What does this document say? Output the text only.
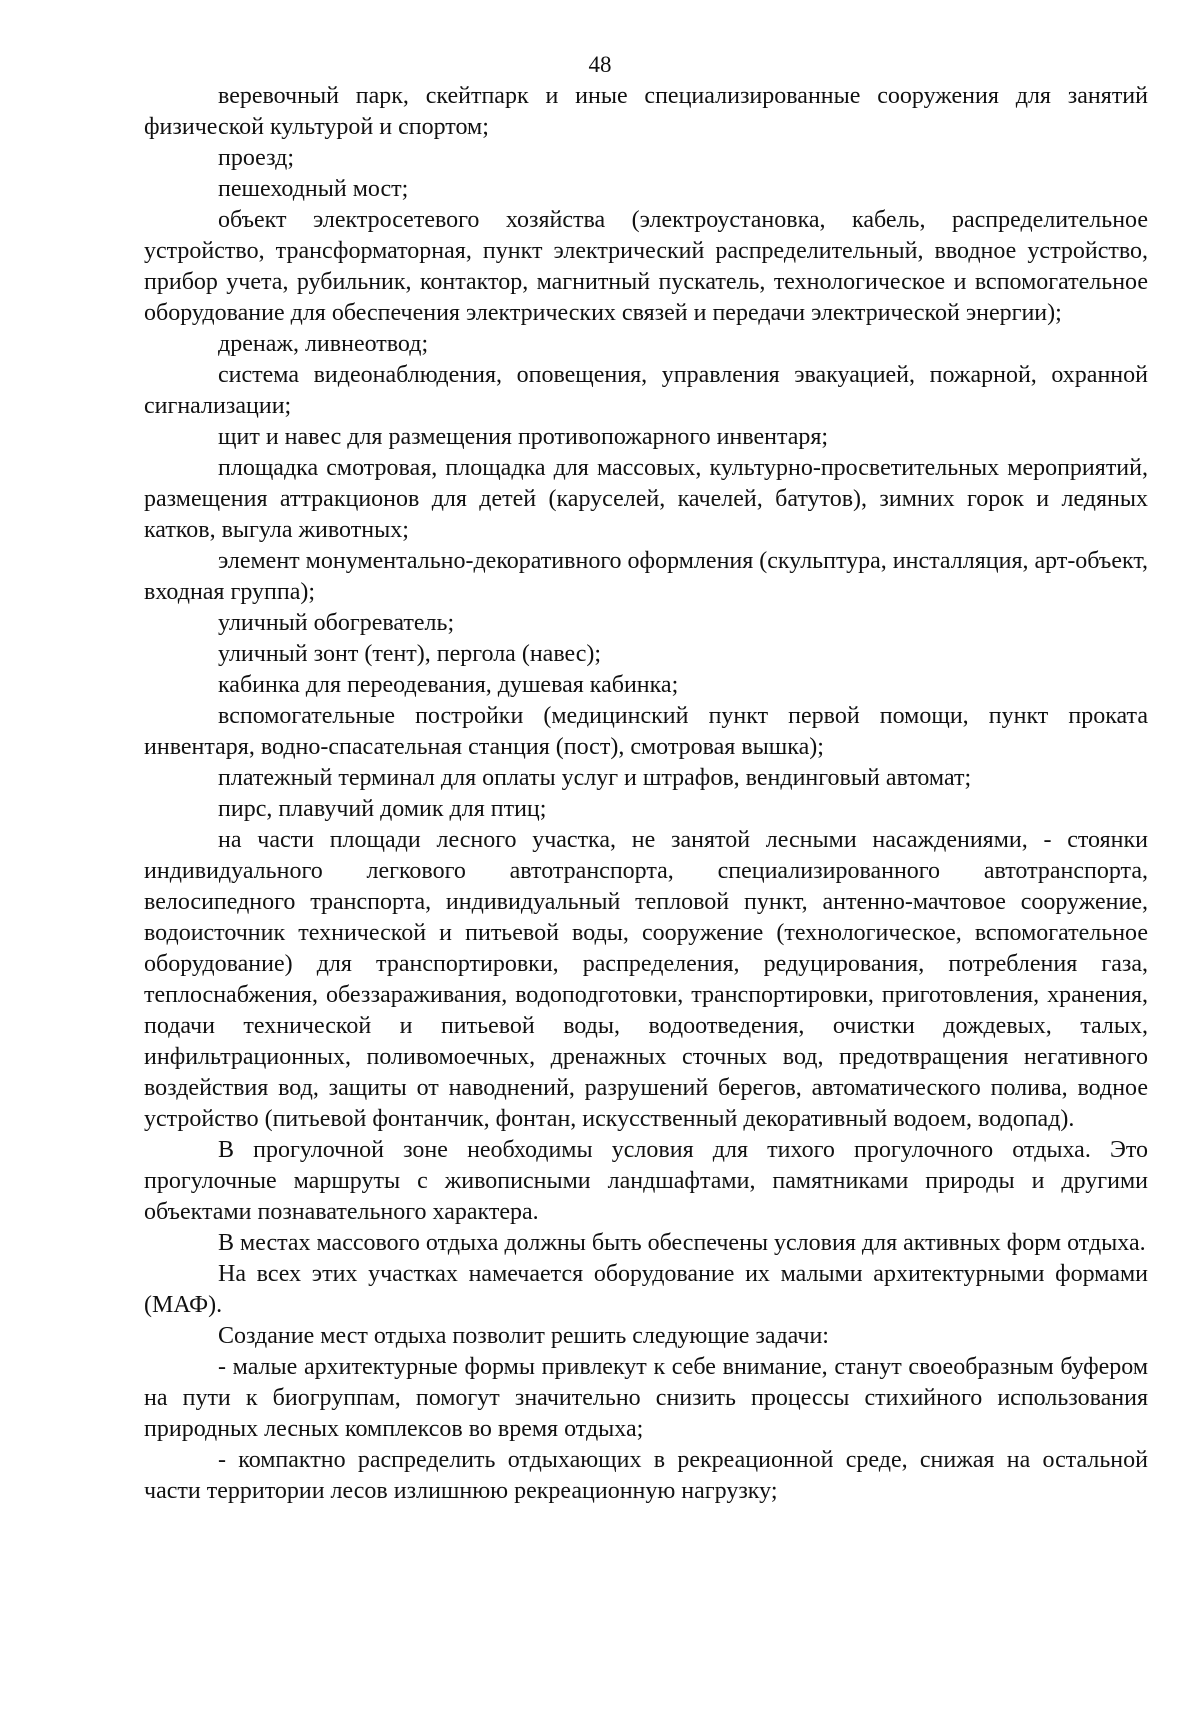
48

веревочный парк, скейтпарк и иные специализированные сооружения для занятий физической культурой и спортом;

проезд;

пешеходный мост;

объект электросетевого хозяйства (электроустановка, кабель, распределительное устройство, трансформаторная, пункт электрический распределительный, вводное устройство, прибор учета, рубильник, контактор, магнитный пускатель, технологическое и вспомогательное оборудование для обеспечения электрических связей и передачи электрической энергии);

дренаж, ливнеотвод;

система видеонаблюдения, оповещения, управления эвакуацией, пожарной, охранной сигнализации;

щит и навес для размещения противопожарного инвентаря;

площадка смотровая, площадка для массовых, культурно-просветительных мероприятий, размещения аттракционов для детей (каруселей, качелей, батутов), зимних горок и ледяных катков, выгула животных;

элемент монументально-декоративного оформления (скульптура, инсталляция, арт-объект, входная группа);

уличный обогреватель;

уличный зонт (тент), пергола (навес);

кабинка для переодевания, душевая кабинка;

вспомогательные постройки (медицинский пункт первой помощи, пункт проката инвентаря, водно-спасательная станция (пост), смотровая вышка);

платежный терминал для оплаты услуг и штрафов, вендинговый автомат;

пирс, плавучий домик для птиц;

на части площади лесного участка, не занятой лесными насаждениями, - стоянки индивидуального легкового автотранспорта, специализированного автотранспорта, велосипедного транспорта, индивидуальный тепловой пункт, антенно-мачтовое сооружение, водоисточник технической и питьевой воды, сооружение (технологическое, вспомогательное оборудование) для транспортировки, распределения, редуцирования, потребления газа, теплоснабжения, обеззараживания, водоподготовки, транспортировки, приготовления, хранения, подачи технической и питьевой воды, водоотведения, очистки дождевых, талых, инфильтрационных, поливомоечных, дренажных сточных вод, предотвращения негативного воздействия вод, защиты от наводнений, разрушений берегов, автоматического полива, водное устройство (питьевой фонтанчик, фонтан, искусственный декоративный водоем, водопад).

В прогулочной зоне необходимы условия для тихого прогулочного отдыха. Это прогулочные маршруты с живописными ландшафтами, памятниками природы и другими объектами познавательного характера.

В местах массового отдыха должны быть обеспечены условия для активных форм отдыха.

На всех этих участках намечается оборудование их малыми архитектурными формами (МАФ).

Создание мест отдыха позволит решить следующие задачи:

- малые архитектурные формы привлекут к себе внимание, станут своеобразным буфером на пути к биогруппам, помогут значительно снизить процессы стихийного использования природных лесных комплексов во время отдыха;

- компактно распределить отдыхающих в рекреационной среде, снижая на остальной части территории лесов излишнюю рекреационную нагрузку;
